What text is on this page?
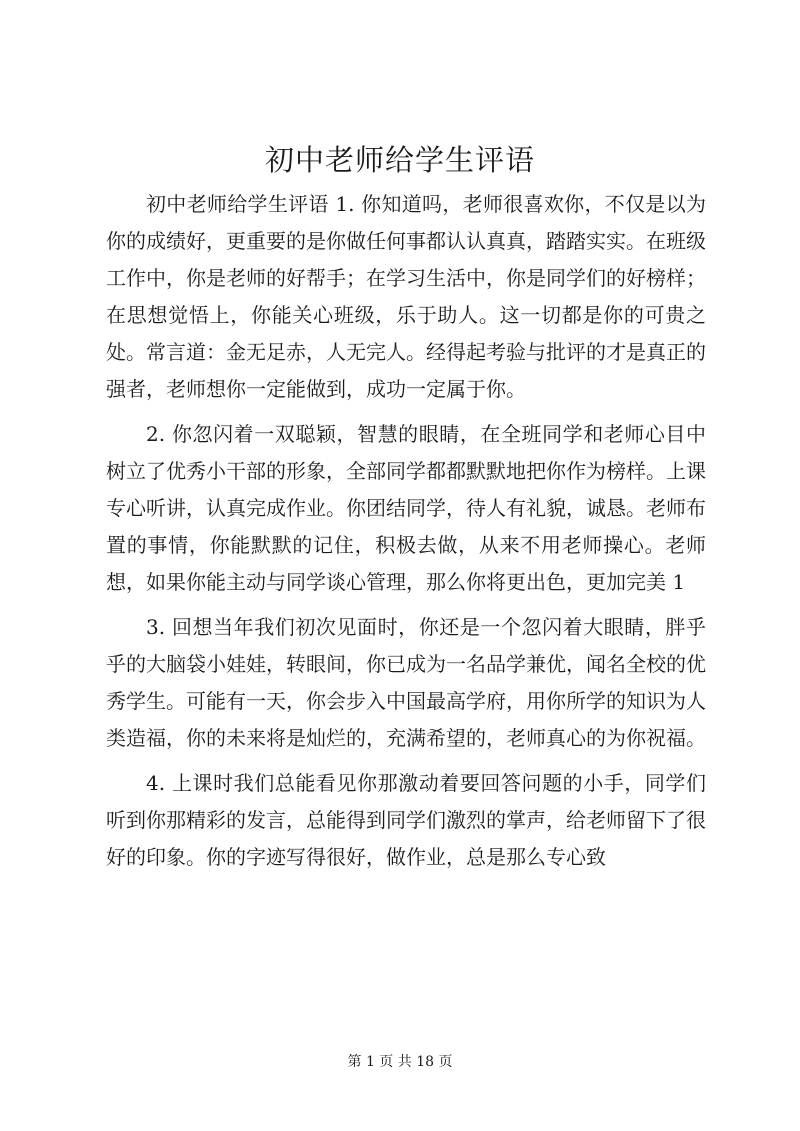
初中老师给学生评语

初中老师给学生评语 1. 你知道吗，老师很喜欢你，不仅是以为你的成绩好，更重要的是你做任何事都认认真真，踏踏实实。在班级工作中，你是老师的好帮手；在学习生活中，你是同学们的好榜样；在思想觉悟上，你能关心班级，乐于助人。这一切都是你的可贵之处。常言道：金无足赤，人无完人。经得起考验与批评的才是真正的强者，老师想你一定能做到，成功一定属于你。

2. 你忽闪着一双聪颖，智慧的眼睛，在全班同学和老师心目中树立了优秀小干部的形象，全部同学都都默默地把你作为榜样。上课专心听讲，认真完成作业。你团结同学，待人有礼貌，诚恳。老师布置的事情，你能默默的记住，积极去做，从来不用老师操心。老师想，如果你能主动与同学谈心管理，那么你将更出色，更加完美 1

3. 回想当年我们初次见面时，你还是一个忽闪着大眼睛，胖乎乎的大脑袋小娃娃，转眼间，你已成为一名品学兼优，闻名全校的优秀学生。可能有一天，你会步入中国最高学府，用你所学的知识为人类造福，你的未来将是灿烂的，充满希望的，老师真心的为你祝福。

4. 上课时我们总能看见你那激动着要回答问题的小手，同学们听到你那精彩的发言，总能得到同学们激烈的掌声，给老师留下了很好的印象。你的字迹写得很好，做作业，总是那么专心致

第 1 页 共 18 页
